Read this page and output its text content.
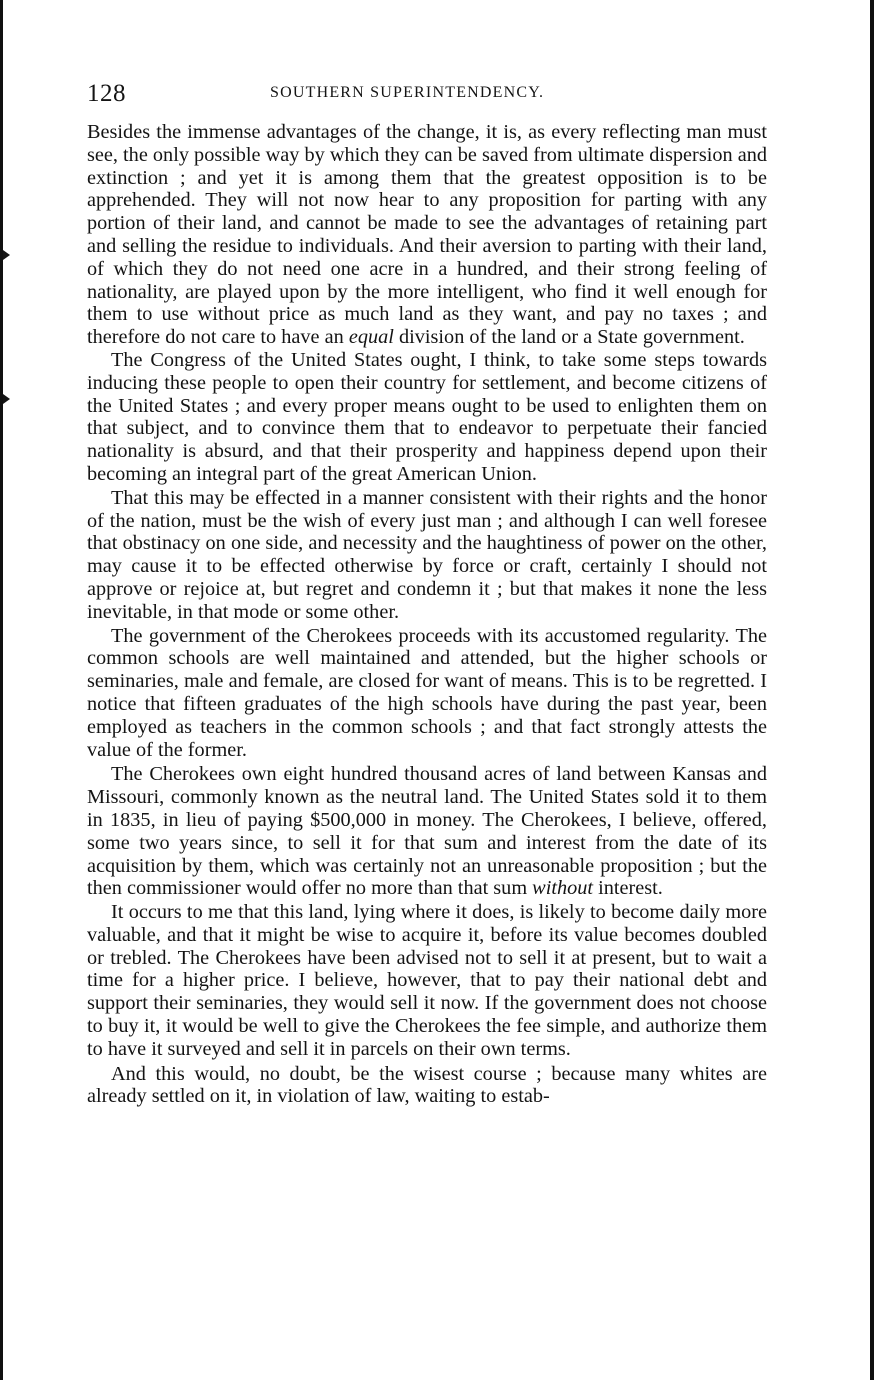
128	SOUTHERN SUPERINTENDENCY.

Besides the immense advantages of the change, it is, as every reflecting man must see, the only possible way by which they can be saved from ultimate dispersion and extinction ; and yet it is among them that the greatest opposition is to be apprehended. They will not now hear to any proposition for parting with any portion of their land, and cannot be made to see the advantages of retaining part and selling the residue to individuals. And their aversion to parting with their land, of which they do not need one acre in a hundred, and their strong feeling of nationality, are played upon by the more intelligent, who find it well enough for them to use without price as much land as they want, and pay no taxes ; and therefore do not care to have an equal division of the land or a State government.

The Congress of the United States ought, I think, to take some steps towards inducing these people to open their country for settlement, and become citizens of the United States ; and every proper means ought to be used to enlighten them on that subject, and to convince them that to endeavor to perpetuate their fancied nationality is absurd, and that their prosperity and happiness depend upon their becoming an integral part of the great American Union.

That this may be effected in a manner consistent with their rights and the honor of the nation, must be the wish of every just man ; and although I can well foresee that obstinacy on one side, and necessity and the haughtiness of power on the other, may cause it to be effected otherwise by force or craft, certainly I should not approve or rejoice at, but regret and condemn it ; but that makes it none the less inevitable, in that mode or some other.

The government of the Cherokees proceeds with its accustomed regularity. The common schools are well maintained and attended, but the higher schools or seminaries, male and female, are closed for want of means. This is to be regretted. I notice that fifteen graduates of the high schools have during the past year, been employed as teachers in the common schools ; and that fact strongly attests the value of the former.

The Cherokees own eight hundred thousand acres of land between Kansas and Missouri, commonly known as the neutral land. The United States sold it to them in 1835, in lieu of paying $500,000 in money. The Cherokees, I believe, offered, some two years since, to sell it for that sum and interest from the date of its acquisition by them, which was certainly not an unreasonable proposition ; but the then commissioner would offer no more than that sum without interest.

It occurs to me that this land, lying where it does, is likely to become daily more valuable, and that it might be wise to acquire it, before its value becomes doubled or trebled. The Cherokees have been advised not to sell it at present, but to wait a time for a higher price. I believe, however, that to pay their national debt and support their seminaries, they would sell it now. If the government does not choose to buy it, it would be well to give the Cherokees the fee simple, and authorize them to have it surveyed and sell it in parcels on their own terms.

And this would, no doubt, be the wisest course ; because many whites are already settled on it, in violation of law, waiting to estab-
